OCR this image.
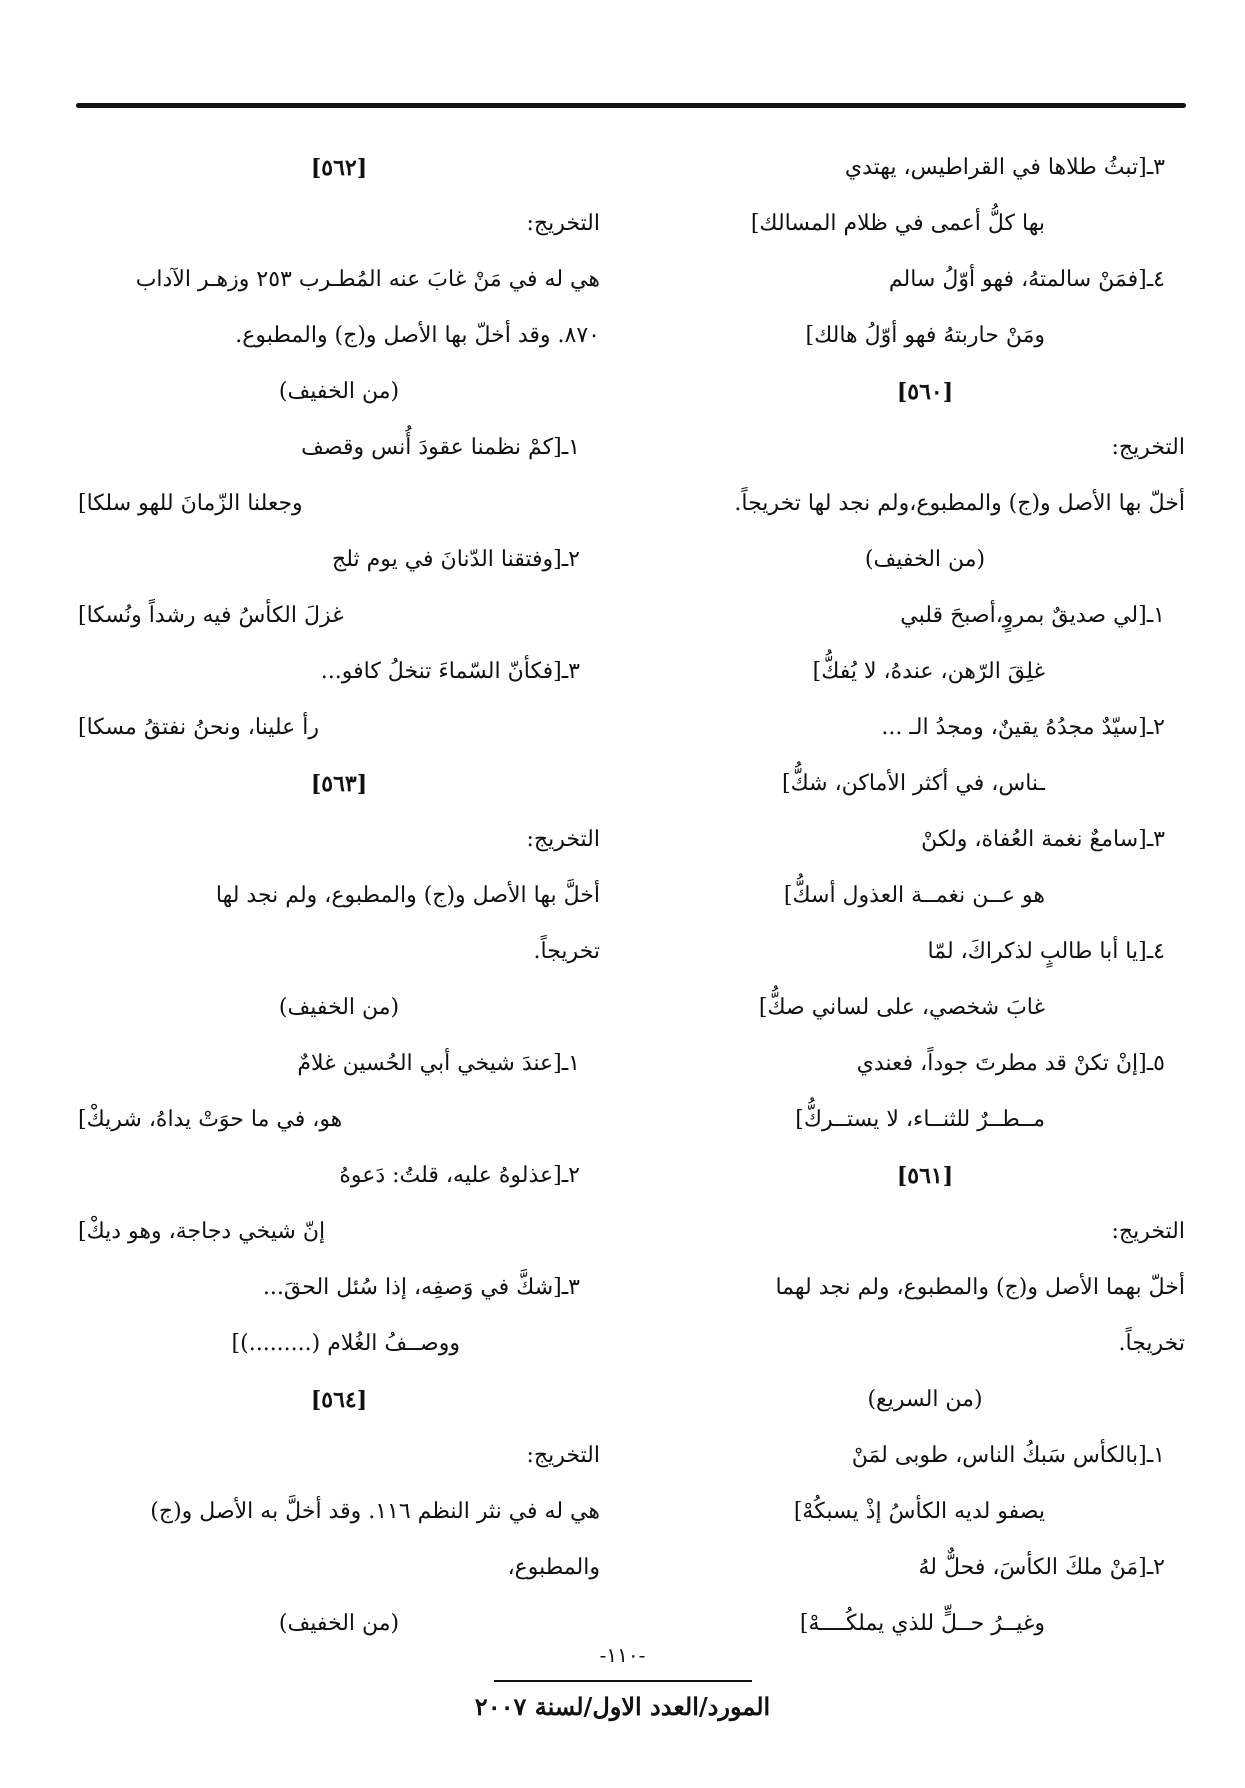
٣ـ[تبثُ طلاها في القراطيس، يهتدي
بها كلُّ أعمى في ظلام المسالك]
٤ـ[فمَنْ سالمتهُ، فهو أوّلُ سالم
ومَنْ حاربتهُ فهو أوّلُ هالك]
[٥٦٠]
التخريج:
أخلّ بها الأصل و(ج) والمطبوع،ولم نجد لها تخريجاً.
(من الخفيف)
١ـ[لي صديقٌ بمروٍ،أصبحَ قلبي
غلِقَ الرّهن، عندهُ، لا يُفكُّ]
٢ـ[سيّدٌ مجدُهُ يقينٌ، ومجدُ الـ ...
ـناس، في أكثر الأماكن، شكُّ]
٣ـ[سامعٌ نغمة العُفاة، ولكنْ
هو عــن نغمــة العذول أسكُّ]
٤ـ[يا أبا طالبٍ لذكراكَ، لمّا
غابَ شخصي، على لساني صكُّ]
٥ـ[إنْ تكنْ قد مطرتَ جوداً، فعندي
مــطــرٌ للثنــاء، لا يستــركُّ]
[٥٦١]
التخريج:
أخلّ بهما الأصل و(ج) والمطبوع، ولم نجد لهما
تخريجاً.
(من السريع)
١ـ[بالكأس سَبكُ الناس، طوبى لمَنْ
يصفو لديه الكأسُ إذْ يسبكُهْ]
٢ـ[مَنْ ملكَ الكأسَ، فحلٌّ لهُ
وغيــرُ حــلٍّ للذي يملكُــــهْ]
[٥٦٢]
التخريج:
هي له في مَنْ غابَ عنه المُطـرب ٢٥٣ وزهـر الآداب
٨٧٠. وقد أخلّ بها الأصل و(ج) والمطبوع.
(من الخفيف)
١ـ[كمْ نظمنا عقودَ أُنس وقصف
وجعلنا الزّمانَ للهو سلكا]
٢ـ[وفتقنا الدّنانَ في يوم ثلج
غزلَ الكأسُ فيه رشداً ونُسكا]
٣ـ[فكأنّ السّماءَ تنخلُ كافو...
رأ علينا، ونحنُ نفتقُ مسكا]
[٥٦٣]
التخريج:
أخلَّ بها الأصل و(ج) والمطبوع، ولم نجد لها
تخريجاً.
(من الخفيف)
١ـ[عندَ شيخي أبي الحُسين غلامٌ
هو، في ما حوَتْ يداهُ، شريكْ]
٢ـ[عذلوهُ عليه، قلتُ: دَعوهُ
إنّ شيخي دجاجة، وهو ديكْ]
٣ـ[شكَّ في وَصفِه، إذا سُئل الحقَ...
ووصــفُ الغُلام (.........)]
[٥٦٤]
التخريج:
هي له في نثر النظم ١١٦. وقد أخلَّ به الأصل و(ج)
والمطبوع،
(من الخفيف)
-١١٠-
المورد/العدد الاول/لسنة ٢٠٠٧
